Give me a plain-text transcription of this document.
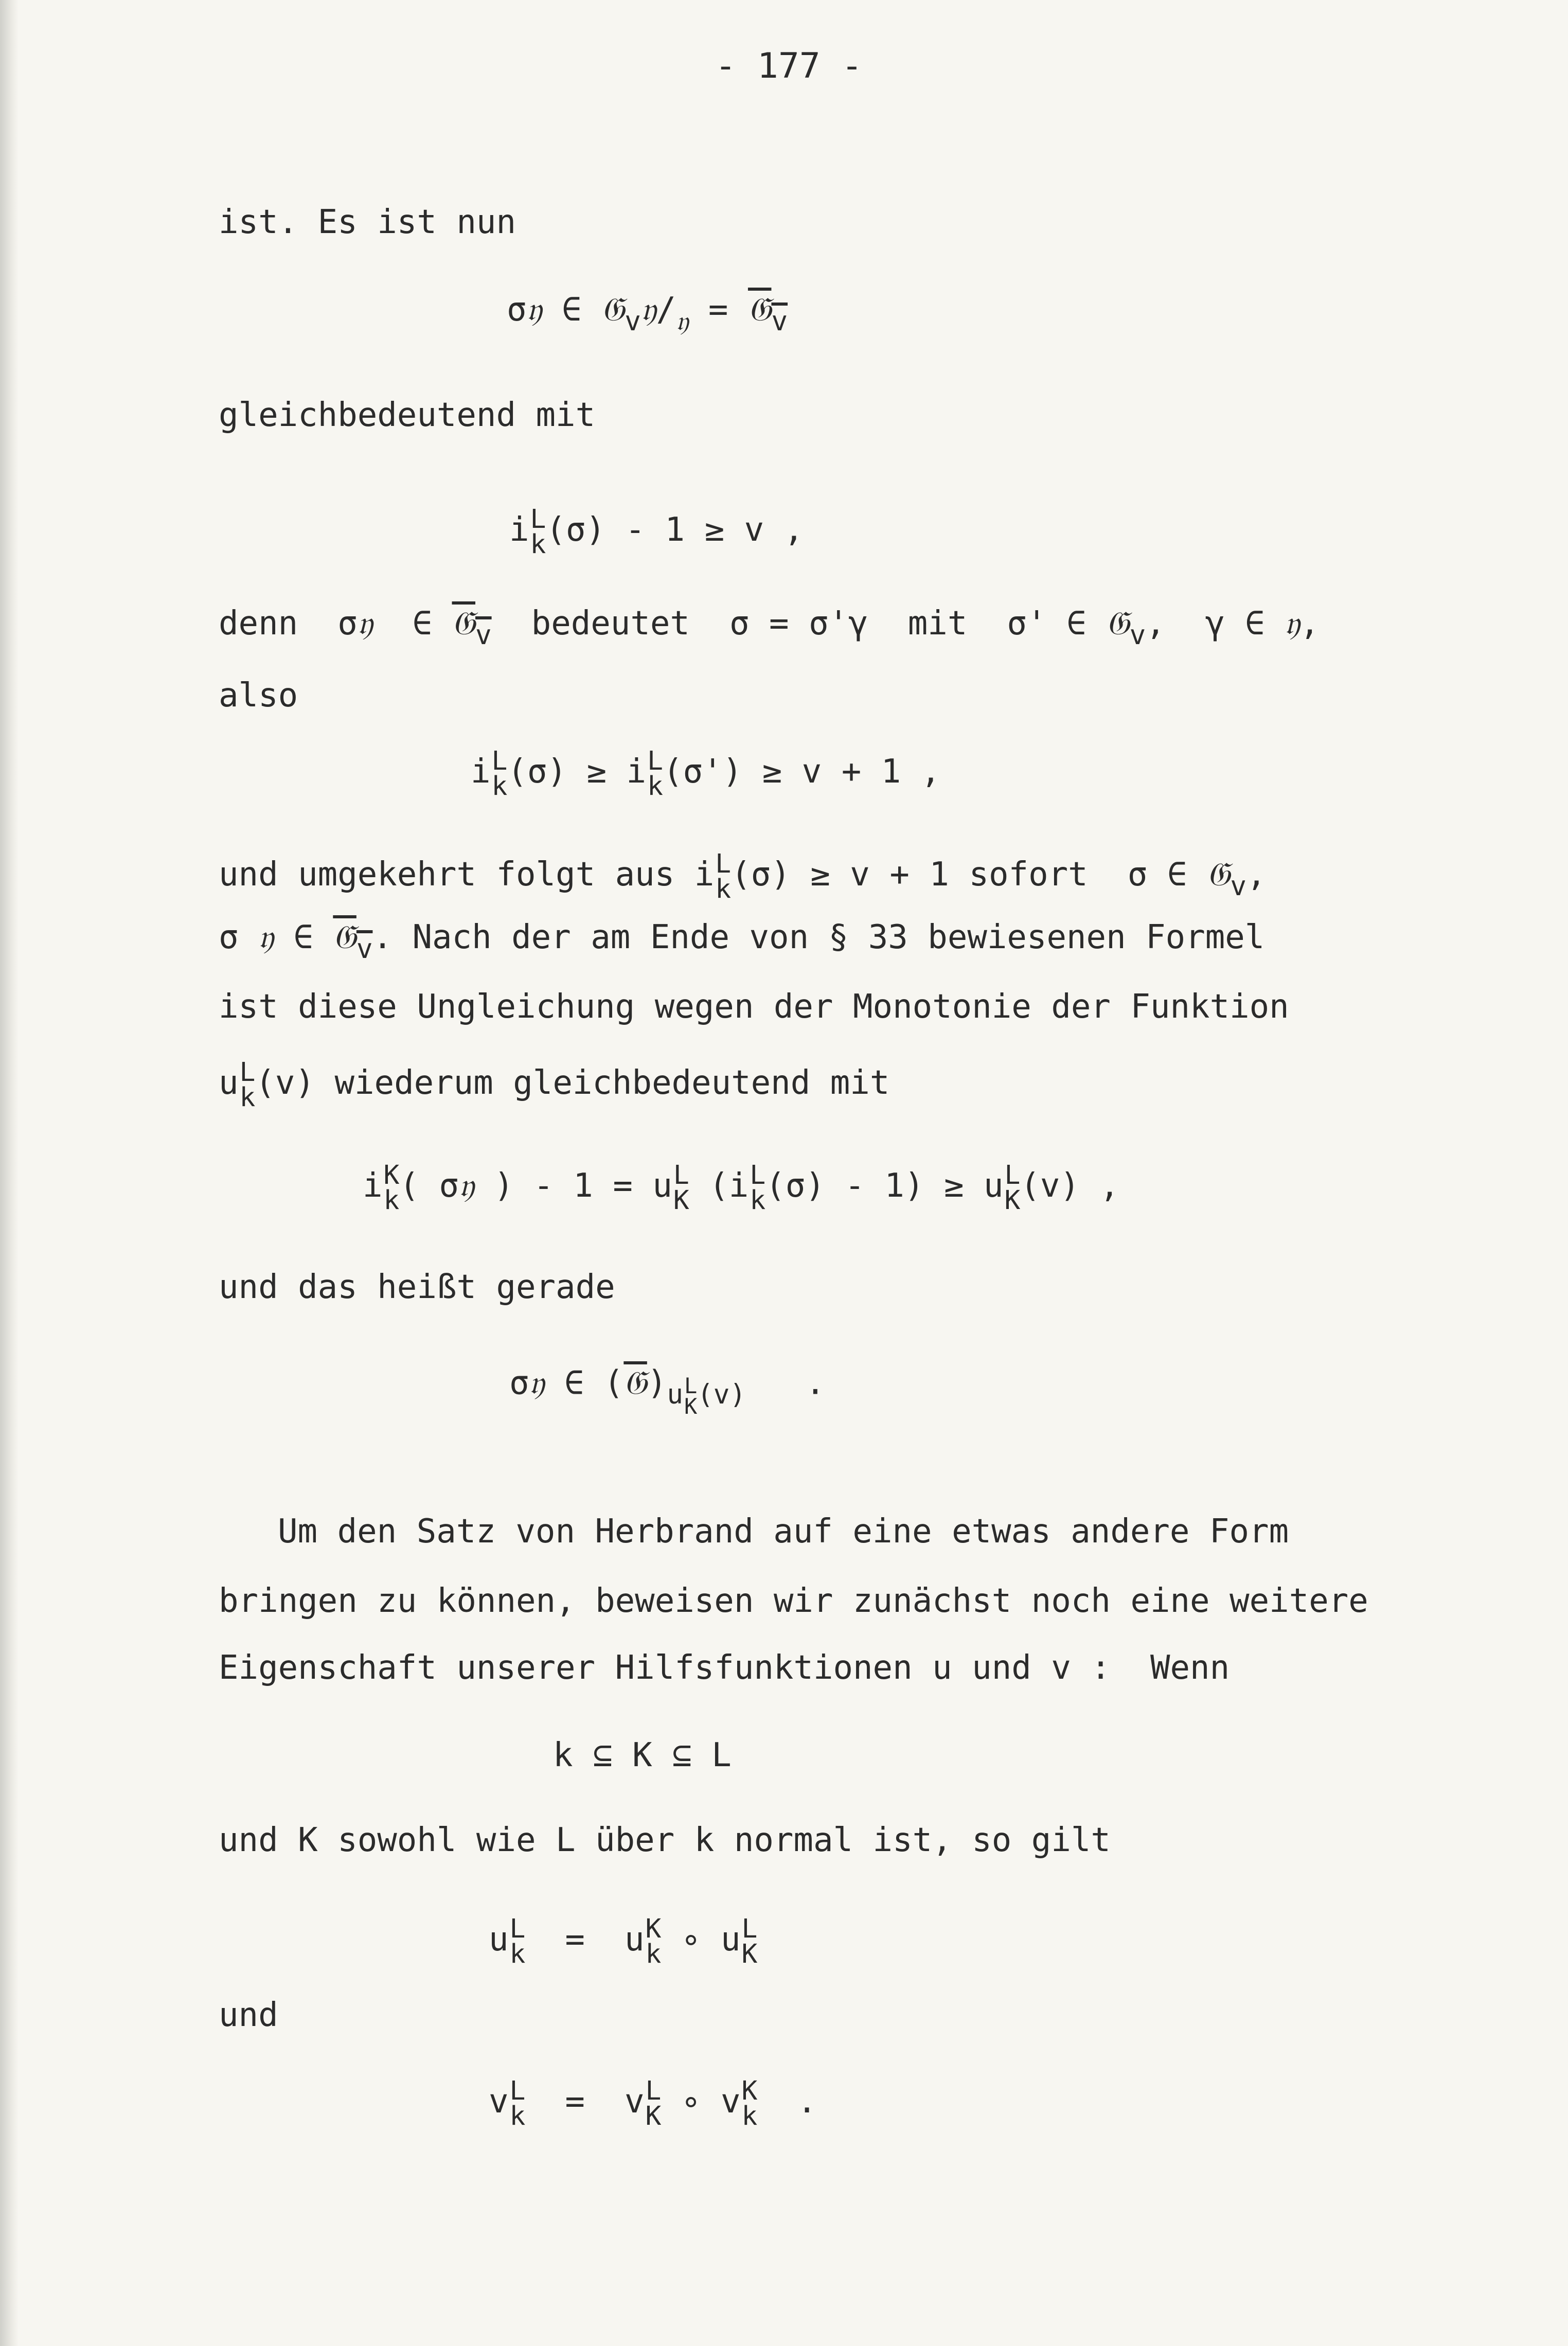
- 177 -
ist. Es ist nun
σ𝔶 ∈ $𝔊_v𝔶/_𝔶$ = 𝔊$_v$
gleichbedeutend mit
i L
k (σ) - 1 ≥ v ,
denn  σ𝔶  ∈ 𝔊$_v$ bedeutet  σ = σ'γ  mit  σ' ∈ 𝔊$_v$,  γ ∈ 𝔶,
also
i L
k (σ) ≥ i L
k (σ') ≥ v + 1 ,
und umgekehrt folgt aus i L
k (σ) ≥ v + 1 sofort  σ ∈ 𝔊$_v$,
σ 𝔶 ∈ 𝔊$_v$. Nach der am Ende von § 33 bewiesenen Formel
ist diese Ungleichung wegen der Monotonie der Funktion
u L
k (v) wiederum gleichbedeutend mit
i K
k ( σ𝔶 ) - 1 = u L
K (i L
k (σ) - 1) ≥ u L
K (v) ,
und das heißt gerade
σ𝔶 ∈ $(𝔊)_{u L K (v)}$   .
Um den Satz von Herbrand auf eine etwas andere Form
bringen zu können, beweisen wir zunächst noch eine weitere
Eigenschaft unserer Hilfsfunktionen u und v :  Wenn
k ⊆ K ⊆ L
und K sowohl wie L über k normal ist, so gilt
u L
k =  u K
k ∘ u L
K
und
v L
k =  v L
K ∘ v K
k .
